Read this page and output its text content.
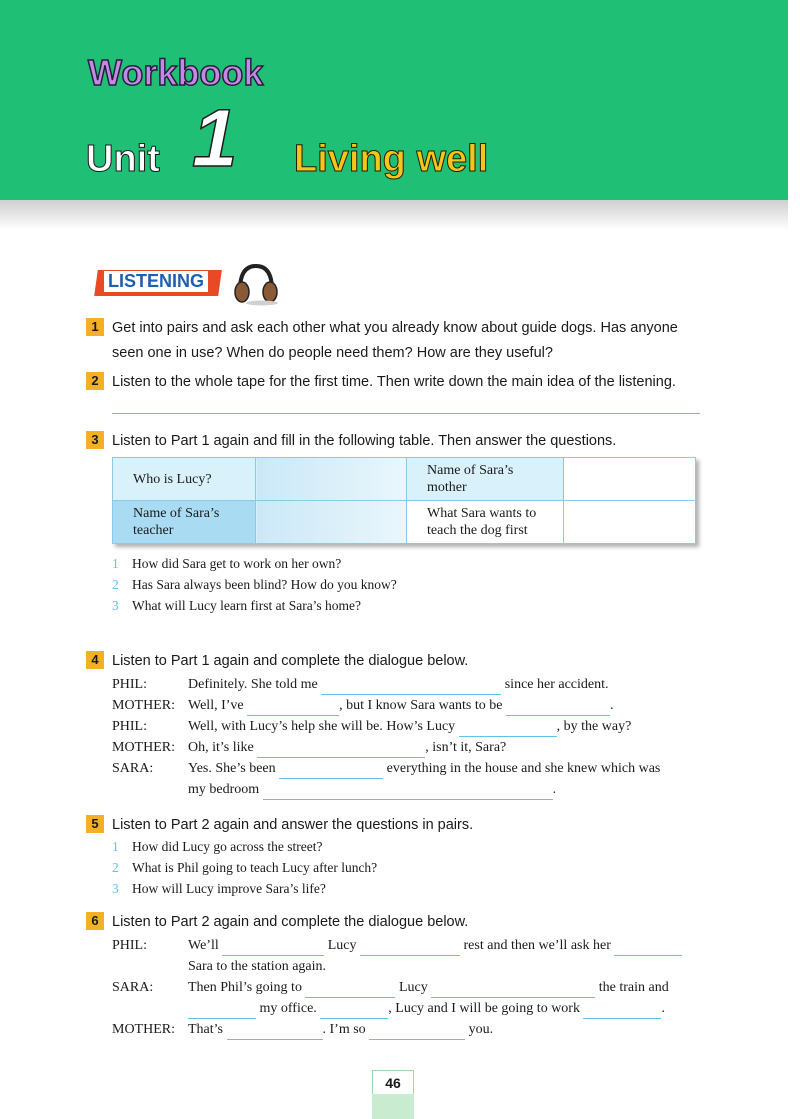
Workbook
Unit 1 Living well
LISTENING
1 Get into pairs and ask each other what you already know about guide dogs. Has anyone
seen one in use? When do people need them? How are they useful?
2 Listen to the whole tape for the first time. Then write down the main idea of the listening.
3 Listen to Part 1 again and fill in the following table. Then answer the questions.
Who is Lucy?		Name of Sara’s mother	
Name of Sara’s teacher		What Sara wants to teach the dog first	
1 How did Sara get to work on her own?
2 Has Sara always been blind? How do you know?
3 What will Lucy learn first at Sara’s home?
4 Listen to Part 1 again and complete the dialogue below.
PHIL:	Definitely. She told me	since her accident.
MOTHER: Well, I’ve	, but I know Sara wants to be	.
PHIL:	Well, with Lucy’s help she will be. How’s Lucy	, by the way?
MOTHER: Oh, it’s like	, isn’t it, Sara?
SARA: Yes. She’s been	everything in the house and she knew which was
my bedroom	.
5 Listen to Part 2 again and answer the questions in pairs.
1 How did Lucy go across the street?
2 What is Phil going to teach Lucy after lunch?
3 How will Lucy improve Sara’s life?
6 Listen to Part 2 again and complete the dialogue below.
PHIL:	We’ll	Lucy	rest and then we’ll ask her
Sara to the station again.
SARA: Then Phil’s going to	Lucy	the train and
my office.	, Lucy and I will be going to work	.
MOTHER: That’s	. I’m so	you.
46
